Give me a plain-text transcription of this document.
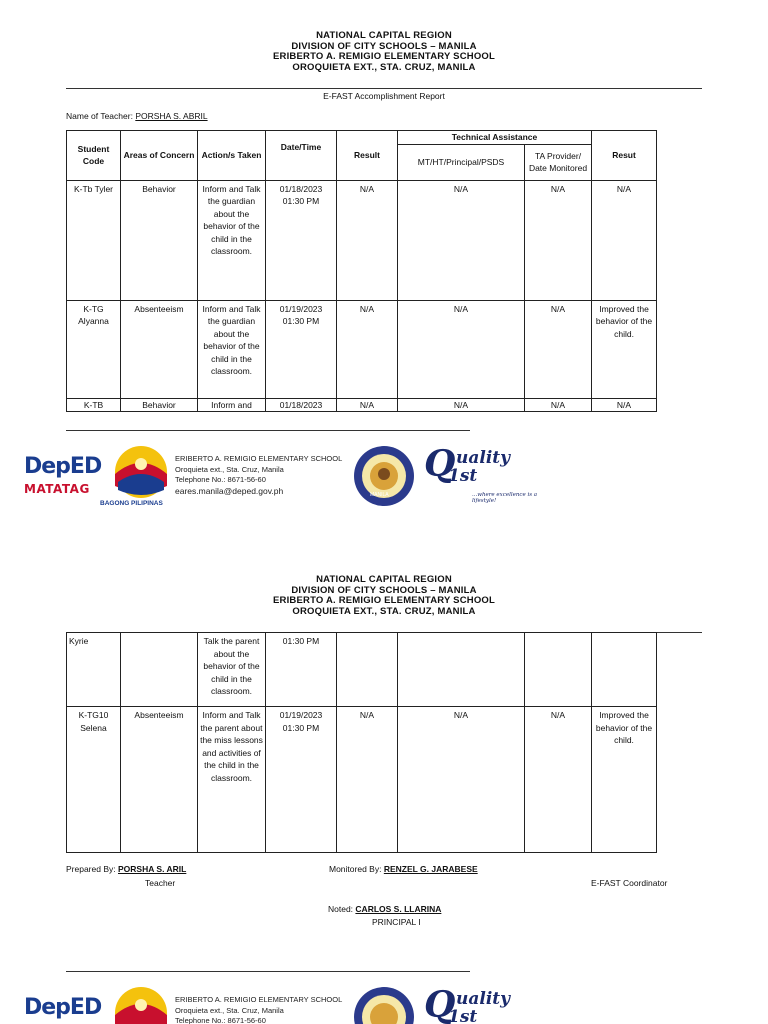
NATIONAL CAPITAL REGION
DIVISION OF CITY SCHOOLS – MANILA
ERIBERTO A. REMIGIO ELEMENTARY SCHOOL
OROQUIETA EXT., STA. CRUZ, MANILA
E-FAST Accomplishment Report
Name of Teacher: PORSHA S. ABRIL
Student Code	Areas of Concern	Action/s Taken	Date/Time	Result	Technical Assistance		Resut
					MT/HT/Principal/PSDS	TA Provider/ Date Monitored	
K-Tb Tyler	Behavior	Inform and Talk the guardian about the behavior of the child in the classroom.	01/18/2023 01:30 PM	N/A	N/A	N/A	N/A
K-TG Alyanna	Absenteeism	Inform and Talk the guardian about the behavior of the child in the classroom.	01/19/2023 01:30 PM	N/A	N/A	N/A	Improved the behavior of the child.
K-TB	Behavior	Inform and	01/18/2023	N/A	N/A	N/A	N/A
DepED
MATATAG
BAGONG PILIPINAS
ERIBERTO A. REMIGIO ELEMENTARY SCHOOL
Oroquieta ext., Sta. Cruz, Manila
Telephone No.: 8671-56-60
eares.manila@deped.gov.ph	MANILA
Q uality
1st
...where excellence is a lifestyle!
NATIONAL CAPITAL REGION
DIVISION OF CITY SCHOOLS – MANILA
ERIBERTO A. REMIGIO ELEMENTARY SCHOOL
OROQUIETA EXT., STA. CRUZ, MANILA
Kyrie		Talk the parent about the behavior of the child in the classroom.	01:30 PM				
K-TG10 Selena	Absenteeism	Inform and Talk the parent about the miss lessons and activities of the child in the classroom.	01/19/2023 01:30 PM	N/A	N/A	N/A	Improved the behavior of the child.
Prepared By: PORSHA S. ARIL
Teacher
Monitored By: RENZEL G. JARABESE
E-FAST Coordinator
Noted: CARLOS S. LLARINA
PRINCIPAL I
DepED	ERIBERTO A. REMIGIO ELEMENTARY SCHOOL
Oroquieta ext., Sta. Cruz, Manila
Telephone No.: 8671-56-60	Q uality
1st
